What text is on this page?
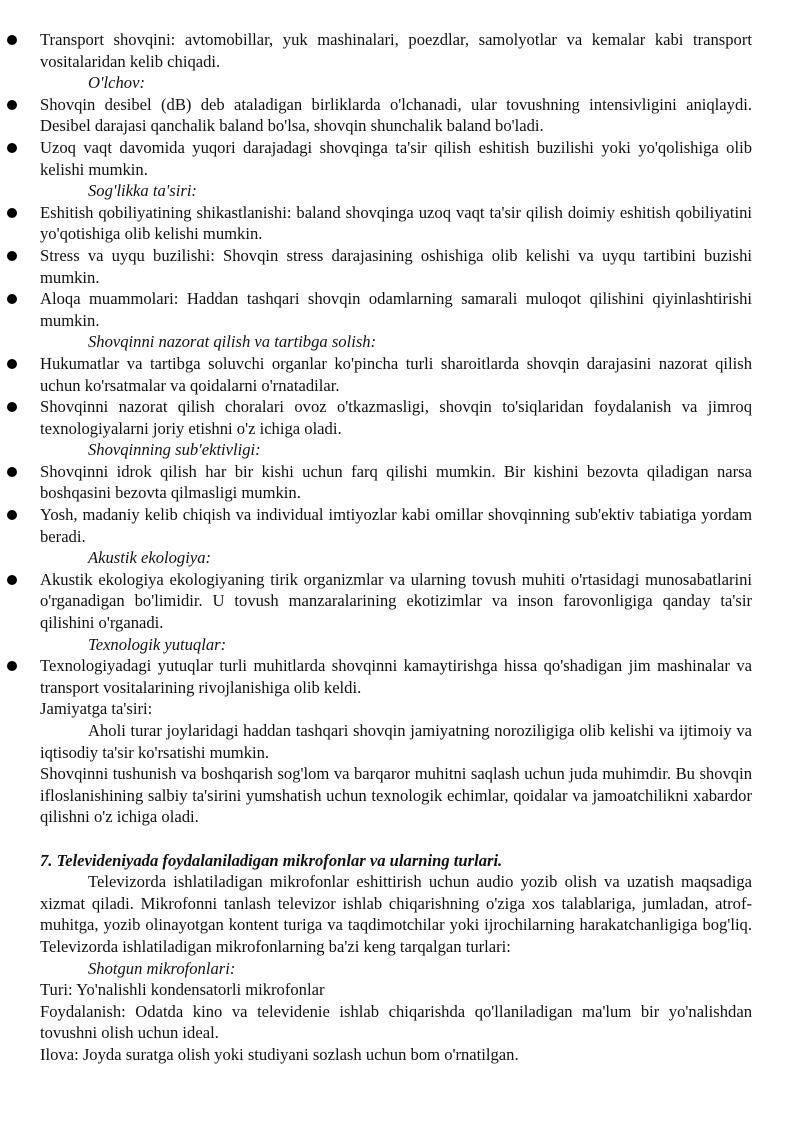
Transport shovqini: avtomobillar, yuk mashinalari, poezdlar, samolyotlar va kemalar kabi transport vositalaridan kelib chiqadi.

O'lchov:

Shovqin desibel (dB) deb ataladigan birliklarda o'lchanadi, ular tovushning intensivligini aniqlaydi. Desibel darajasi qanchalik baland bo'lsa, shovqin shunchalik baland bo'ladi.

Uzoq vaqt davomida yuqori darajadagi shovqinga ta'sir qilish eshitish buzilishi yoki yo'qolishiga olib kelishi mumkin.

Sog'likka ta'siri:

Eshitish qobiliyatining shikastlanishi: baland shovqinga uzoq vaqt ta'sir qilish doimiy eshitish qobiliyatini yo'qotishiga olib kelishi mumkin.

Stress va uyqu buzilishi: Shovqin stress darajasining oshishiga olib kelishi va uyqu tartibini buzishi mumkin.

Aloqa muammolari: Haddan tashqari shovqin odamlarning samarali muloqot qilishini qiyinlashtirishi mumkin.

Shovqinni nazorat qilish va tartibga solish:

Hukumatlar va tartibga soluvchi organlar ko'pincha turli sharoitlarda shovqin darajasini nazorat qilish uchun ko'rsatmalar va qoidalarni o'rnatadilar.

Shovqinni nazorat qilish choralari ovoz o'tkazmasligi, shovqin to'siqlaridan foydalanish va jimroq texnologiyalarni joriy etishni o'z ichiga oladi.

Shovqinning sub'ektivligi:

Shovqinni idrok qilish har bir kishi uchun farq qilishi mumkin. Bir kishini bezovta qiladigan narsa boshqasini bezovta qilmasligi mumkin.

Yosh, madaniy kelib chiqish va individual imtiyozlar kabi omillar shovqinning sub'ektiv tabiatiga yordam beradi.

Akustik ekologiya:

Akustik ekologiya ekologiyaning tirik organizmlar va ularning tovush muhiti o'rtasidagi munosabatlarini o'rganadigan bo'limidir. U tovush manzaralarining ekotizimlar va inson farovonligiga qanday ta'sir qilishini o'rganadi.

Texnologik yutuqlar:

Texnologiyadagi yutuqlar turli muhitlarda shovqinni kamaytirishga hissa qo'shadigan jim mashinalar va transport vositalarining rivojlanishiga olib keldi.

Jamiyatga ta'siri:

Aholi turar joylaridagi haddan tashqari shovqin jamiyatning noroziligiga olib kelishi va ijtimoiy va iqtisodiy ta'sir ko'rsatishi mumkin.

Shovqinni tushunish va boshqarish sog'lom va barqaror muhitni saqlash uchun juda muhimdir. Bu shovqin ifloslanishining salbiy ta'sirini yumshatish uchun texnologik echimlar, qoidalar va jamoatchilikni xabardor qilishni o'z ichiga oladi.

7. Televideniyada foydalaniladigan mikrofonlar va ularning turlari.

Televizorda ishlatiladigan mikrofonlar eshittirish uchun audio yozib olish va uzatish maqsadiga xizmat qiladi. Mikrofonni tanlash televizor ishlab chiqarishning o'ziga xos talablariga, jumladan, atrof-muhitga, yozib olinayotgan kontent turiga va taqdimotchilar yoki ijrochilarning harakatchanligiga bog'liq. Televizorda ishlatiladigan mikrofonlarning ba'zi keng tarqalgan turlari:

Shotgun mikrofonlari:

Turi: Yo'nalishli kondensatorli mikrofonlar

Foydalanish: Odatda kino va televidenie ishlab chiqarishda qo'llaniladigan ma'lum bir yo'nalishdan tovushni olish uchun ideal.

Ilova: Joyda suratga olish yoki studiyani sozlash uchun bom o'rnatilgan.
